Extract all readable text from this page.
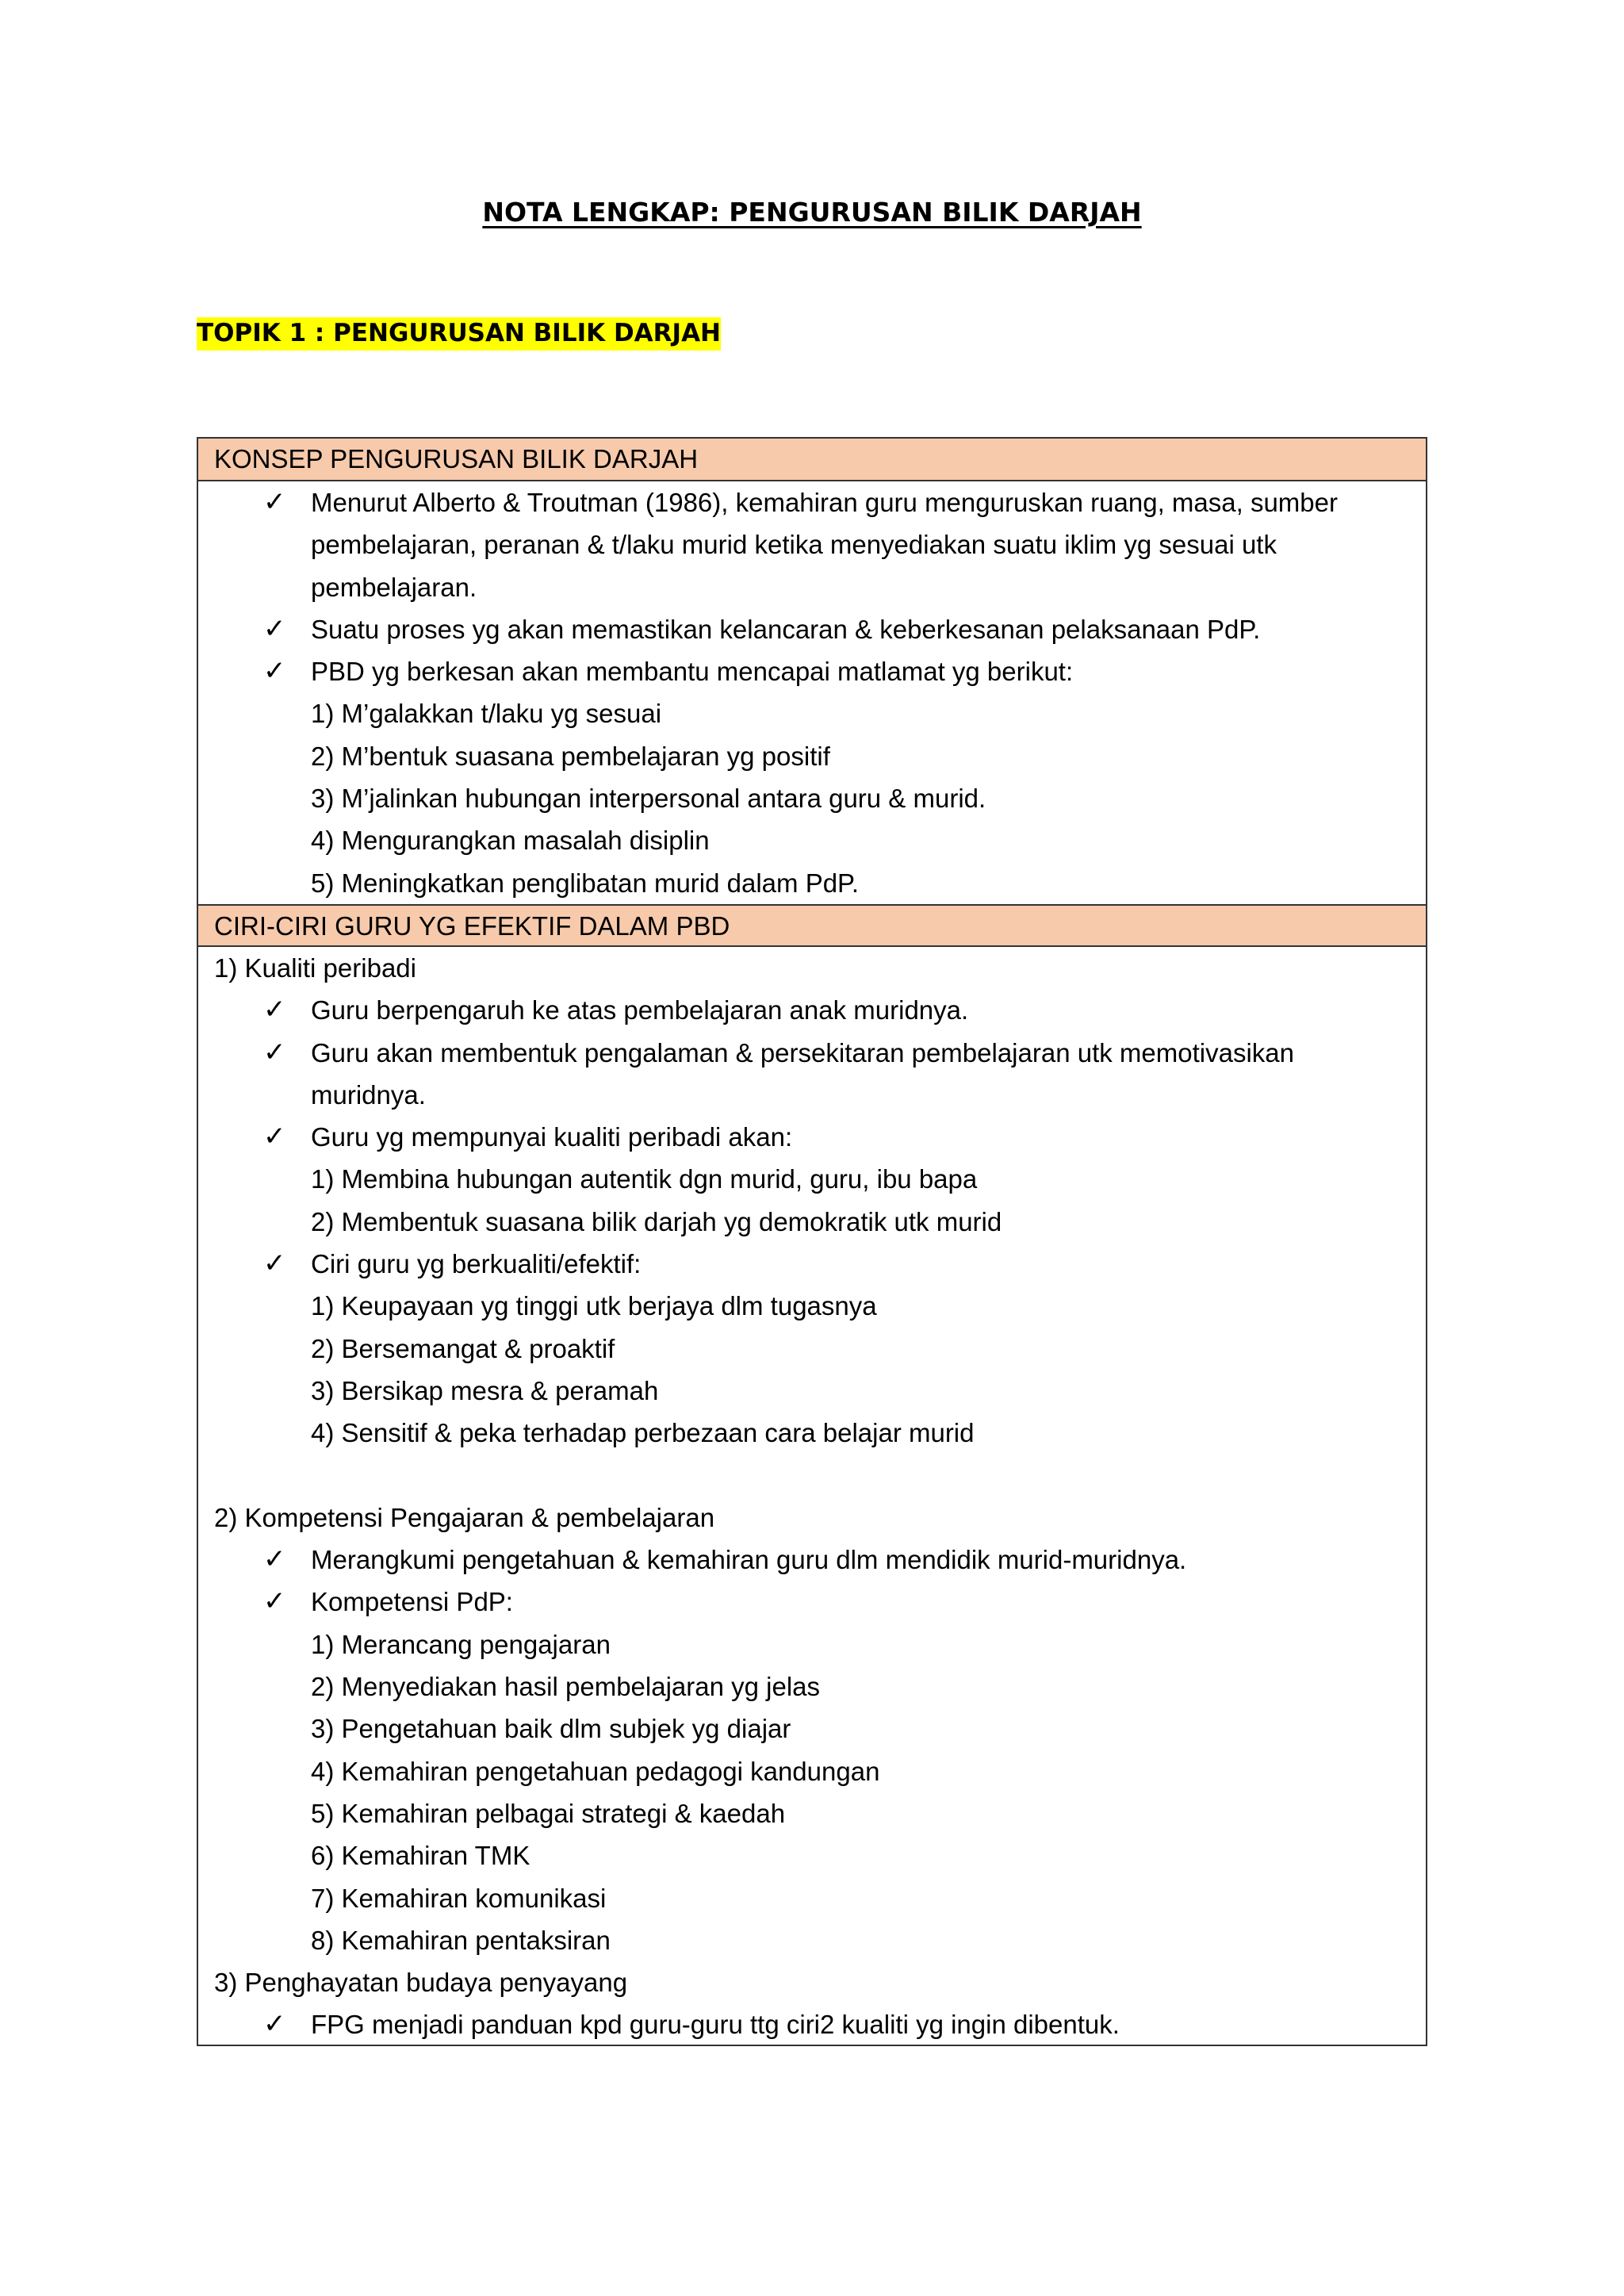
NOTA LENGKAP: PENGURUSAN BILIK DARJAH
TOPIK 1 : PENGURUSAN BILIK DARJAH
KONSEP PENGURUSAN BILIK DARJAH
✓ Menurut Alberto & Troutman (1986), kemahiran guru menguruskan ruang, masa, sumber
pembelajaran, peranan & t/laku murid ketika menyediakan suatu iklim yg sesuai utk
pembelajaran.
✓ Suatu proses yg akan memastikan kelancaran & keberkesanan pelaksanaan PdP.
✓ PBD yg berkesan akan membantu mencapai matlamat yg berikut:
1) M’galakkan t/laku yg sesuai
2) M’bentuk suasana pembelajaran yg positif
3) M’jalinkan hubungan interpersonal antara guru & murid.
4) Mengurangkan masalah disiplin
5) Meningkatkan penglibatan murid dalam PdP.
CIRI-CIRI GURU YG EFEKTIF DALAM PBD
1) Kualiti peribadi
✓ Guru berpengaruh ke atas pembelajaran anak muridnya.
✓ Guru akan membentuk pengalaman & persekitaran pembelajaran utk memotivasikan
muridnya.
✓ Guru yg mempunyai kualiti peribadi akan:
1) Membina hubungan autentik dgn murid, guru, ibu bapa
2) Membentuk suasana bilik darjah yg demokratik utk murid
✓ Ciri guru yg berkualiti/efektif:
1) Keupayaan yg tinggi utk berjaya dlm tugasnya
2) Bersemangat & proaktif
3) Bersikap mesra & peramah
4) Sensitif & peka terhadap perbezaan cara belajar murid
2) Kompetensi Pengajaran & pembelajaran
✓ Merangkumi pengetahuan & kemahiran guru dlm mendidik murid-muridnya.
✓ Kompetensi PdP:
1) Merancang pengajaran
2) Menyediakan hasil pembelajaran yg jelas
3) Pengetahuan baik dlm subjek yg diajar
4) Kemahiran pengetahuan pedagogi kandungan
5) Kemahiran pelbagai strategi & kaedah
6) Kemahiran TMK
7) Kemahiran komunikasi
8) Kemahiran pentaksiran
3) Penghayatan budaya penyayang
✓ FPG menjadi panduan kpd guru-guru ttg ciri2 kualiti yg ingin dibentuk.
